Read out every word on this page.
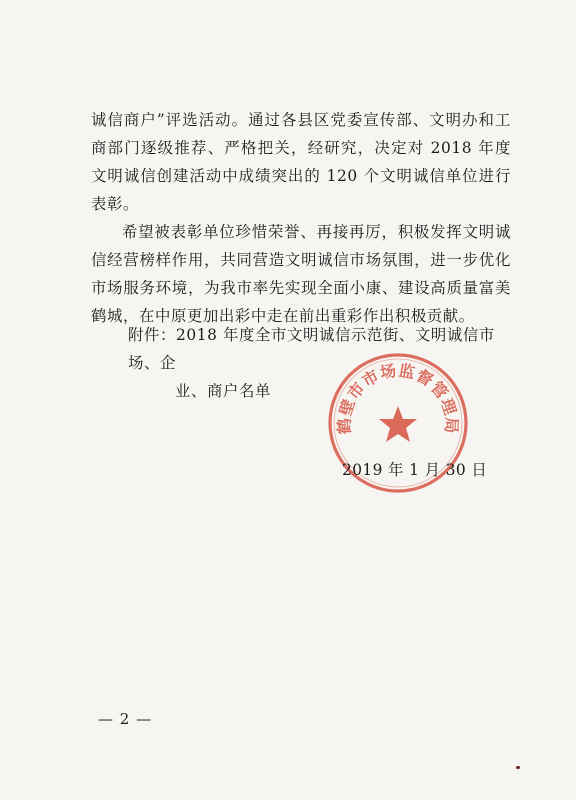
诚信商户”评选活动。通过各县区党委宣传部、文明办和工商部门逐级推荐、严格把关，经研究，决定对 2018 年度文明诚信创建活动中成绩突出的 120 个文明诚信单位进行表彰。

希望被表彰单位珍惜荣誉、再接再厉，积极发挥文明诚信经营榜样作用，共同营造文明诚信市场氛围，进一步优化市场服务环境，为我市率先实现全面小康、建设高质量富美鹤城，在中原更加出彩中走在前出重彩作出积极贡献。

附件：2018 年度全市文明诚信示范街、文明诚信市场、企
业、商户名单
鹤壁市市场监督管理局
2019 年 1 月 30 日
— 2 —
